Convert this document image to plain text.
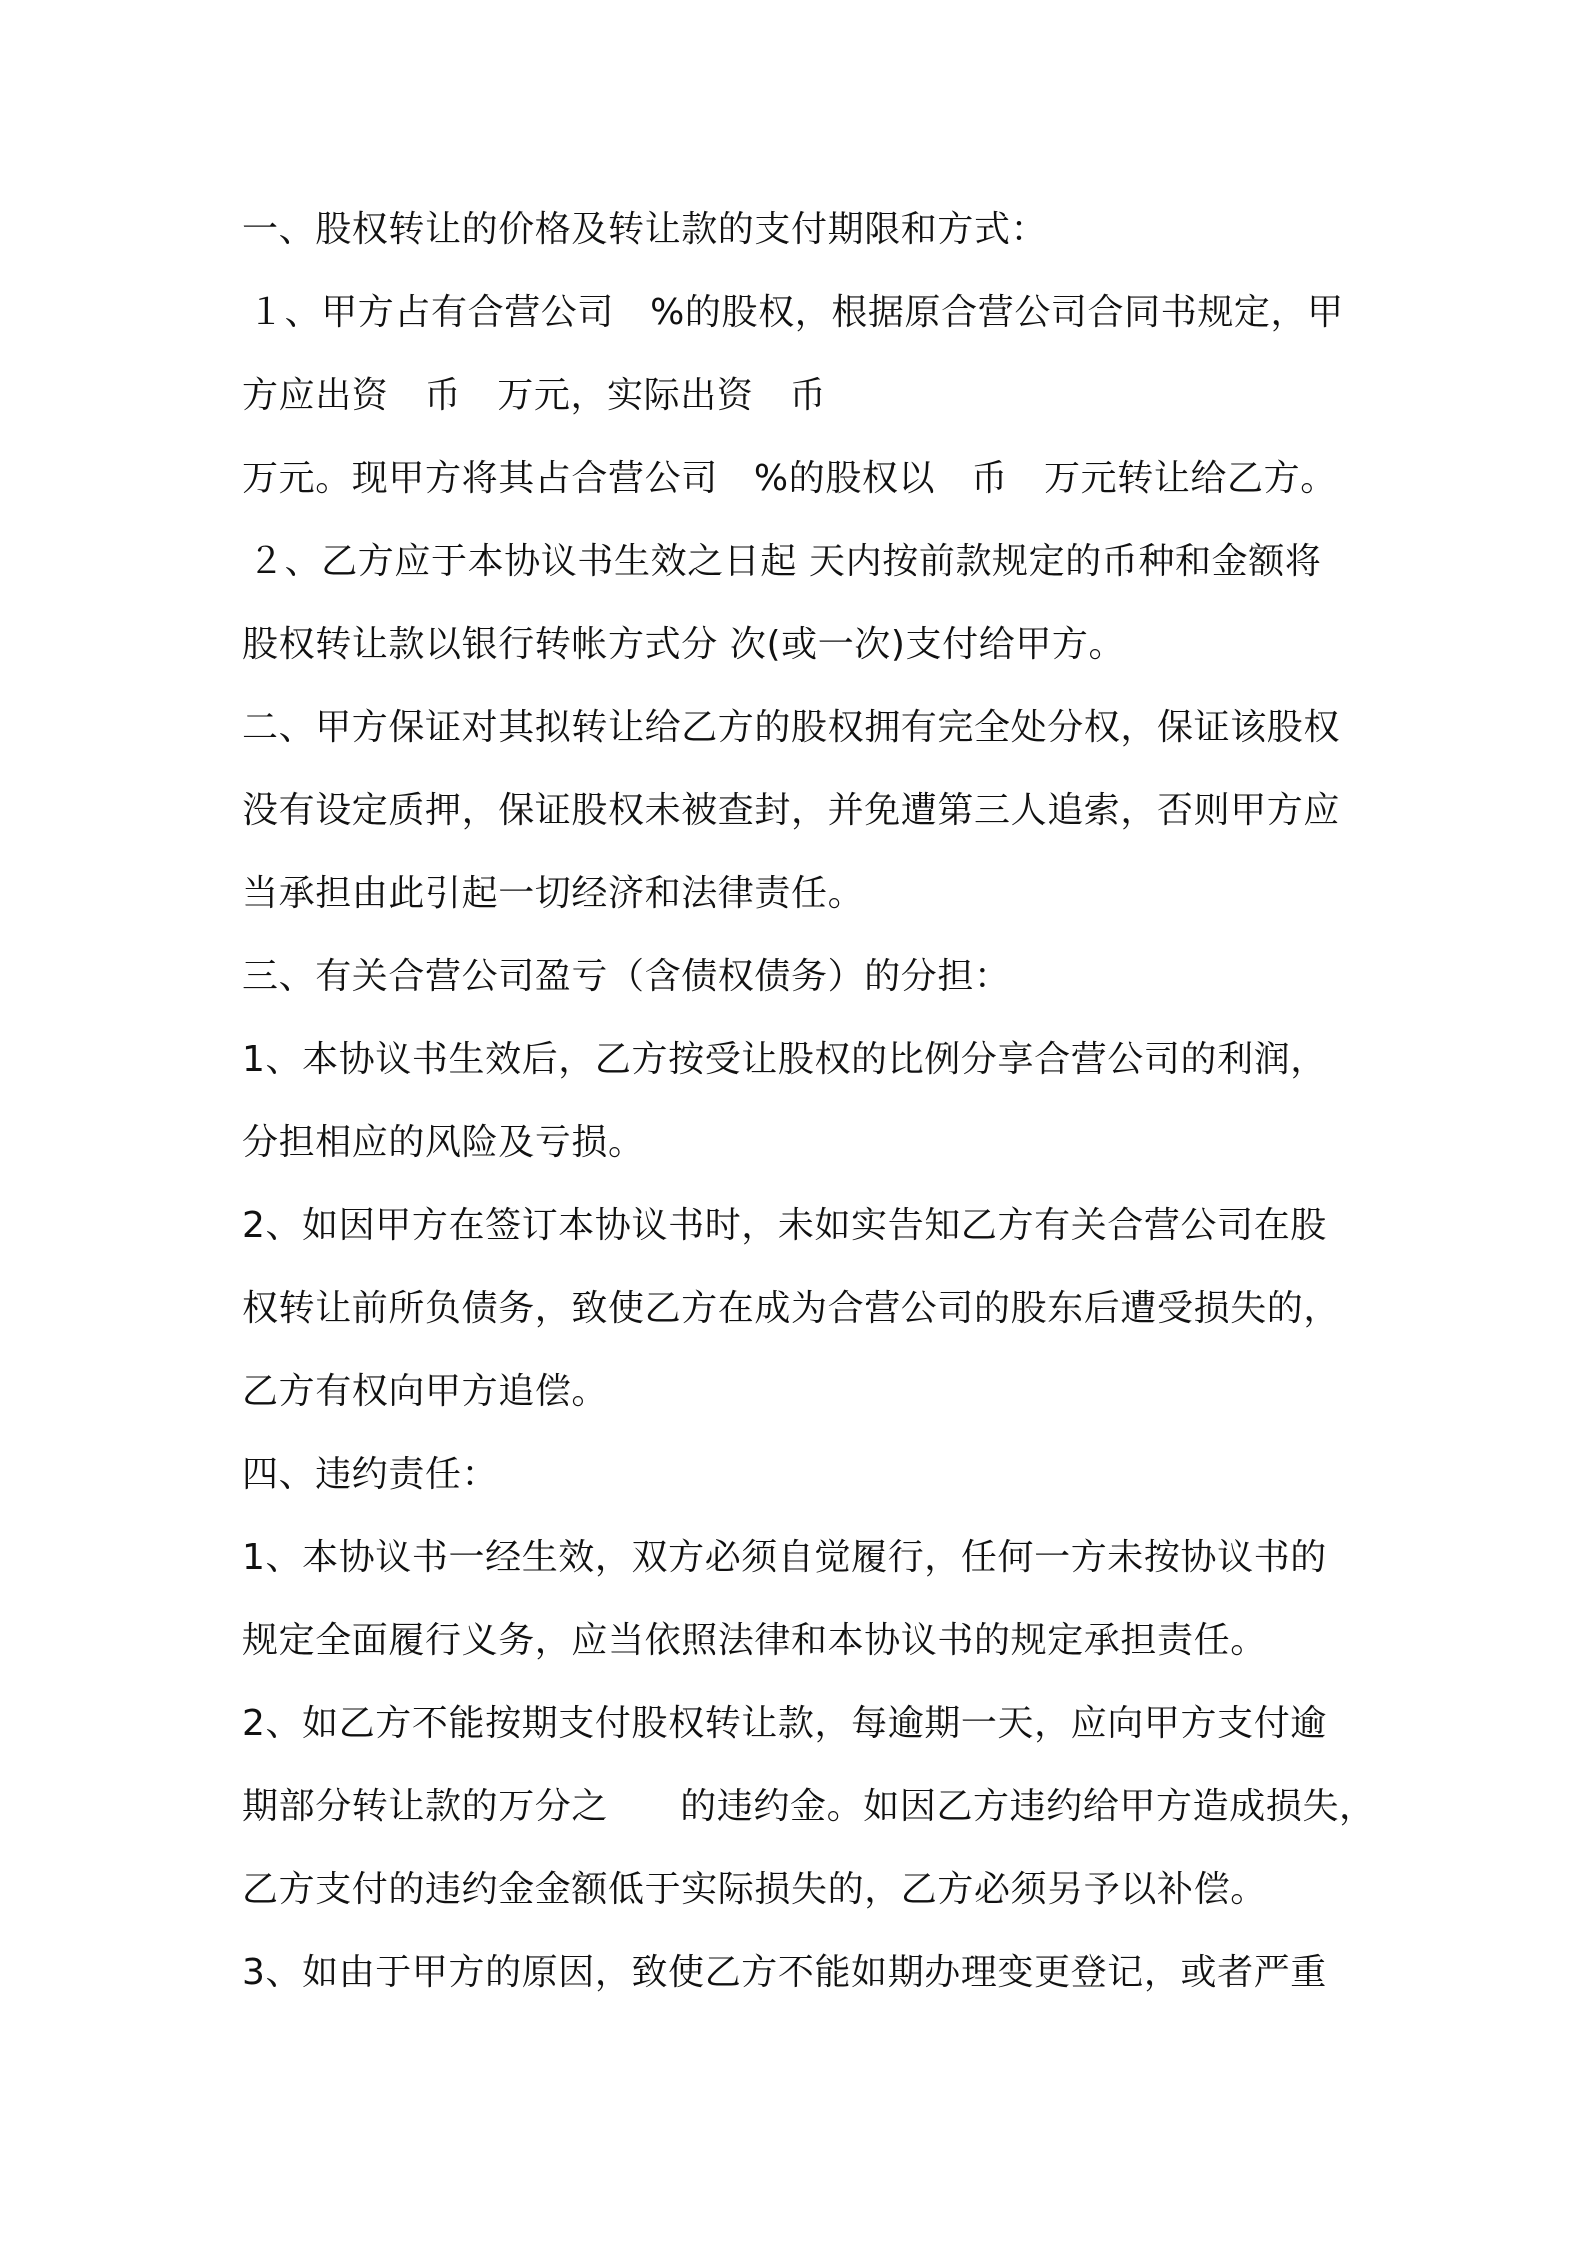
一、股权转让的价格及转让款的支付期限和方式：
１、甲方占有合营公司   %的股权，根据原合营公司合同书规定，甲
方应出资   币   万元，实际出资   币
万元。现甲方将其占合营公司   %的股权以   币   万元转让给乙方。
２、乙方应于本协议书生效之日起 天内按前款规定的币种和金额将
股权转让款以银行转帐方式分 次(或一次)支付给甲方。
二、甲方保证对其拟转让给乙方的股权拥有完全处分权，保证该股权
没有设定质押，保证股权未被查封，并免遭第三人追索，否则甲方应
当承担由此引起一切经济和法律责任。
三、有关合营公司盈亏（含债权债务）的分担：
1、本协议书生效后，乙方按受让股权的比例分享合营公司的利润，
分担相应的风险及亏损。
2、如因甲方在签订本协议书时，未如实告知乙方有关合营公司在股
权转让前所负债务，致使乙方在成为合营公司的股东后遭受损失的，
乙方有权向甲方追偿。
四、违约责任：
1、本协议书一经生效，双方必须自觉履行，任何一方未按协议书的
规定全面履行义务，应当依照法律和本协议书的规定承担责任。
2、如乙方不能按期支付股权转让款，每逾期一天，应向甲方支付逾
期部分转让款的万分之      的违约金。如因乙方违约给甲方造成损失，
乙方支付的违约金金额低于实际损失的，乙方必须另予以补偿。
3、如由于甲方的原因，致使乙方不能如期办理变更登记，或者严重
